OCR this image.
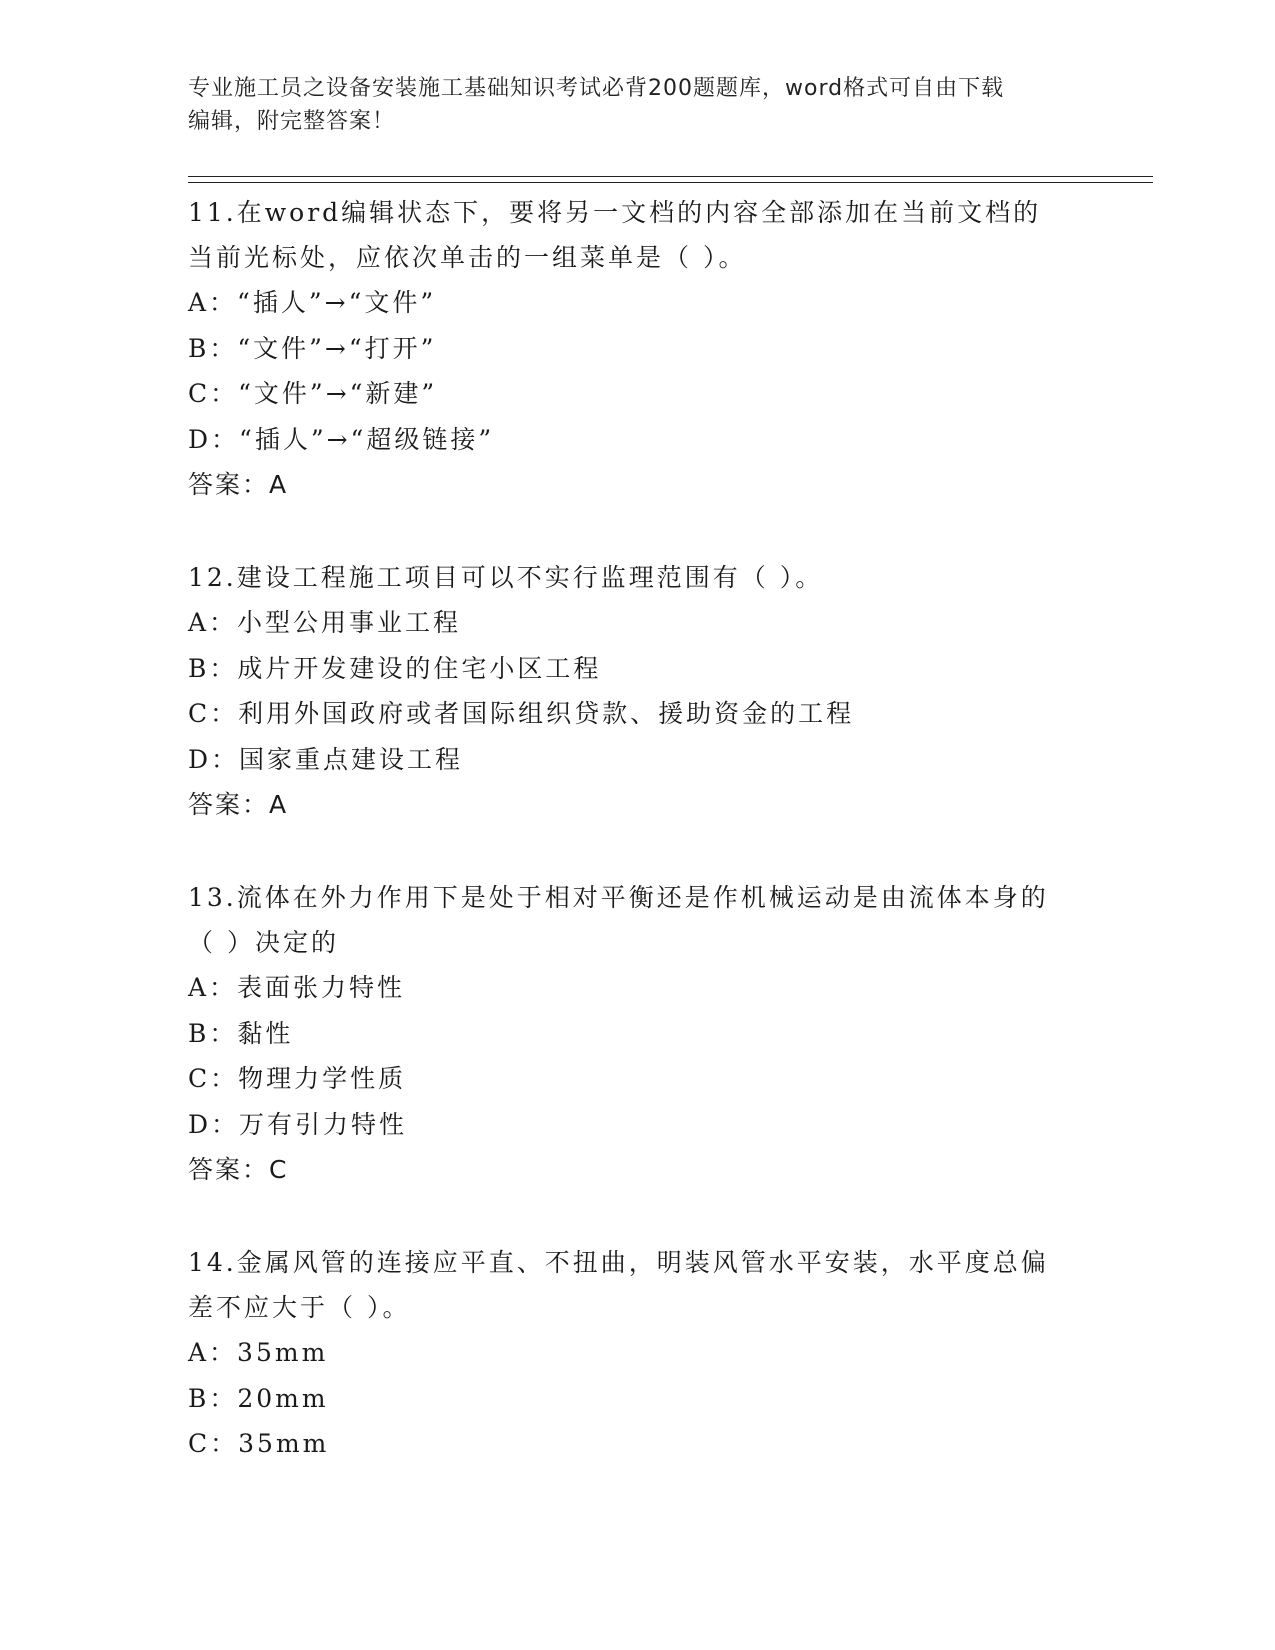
专业施工员之设备安装施工基础知识考试必背200题题库，word格式可自由下载
编辑，附完整答案！
11.在word编辑状态下，要将另一文档的内容全部添加在当前文档的
当前光标处，应依次单击的一组菜单是（ ）。
A：“插人”→“文件”
B：“文件”→“打开”
C：“文件”→“新建”
D：“插人”→“超级链接”
答案：A
12.建设工程施工项目可以不实行监理范围有（ ）。
A：小型公用事业工程
B：成片开发建设的住宅小区工程
C：利用外国政府或者国际组织贷款、援助资金的工程
D：国家重点建设工程
答案：A
13.流体在外力作用下是处于相对平衡还是作机械运动是由流体本身的
（ ）决定的
A：表面张力特性
B：黏性
C：物理力学性质
D：万有引力特性
答案：C
14.金属风管的连接应平直、不扭曲，明装风管水平安装，水平度总偏
差不应大于（ ）。
A：35mm
B：20mm
C：35mm
